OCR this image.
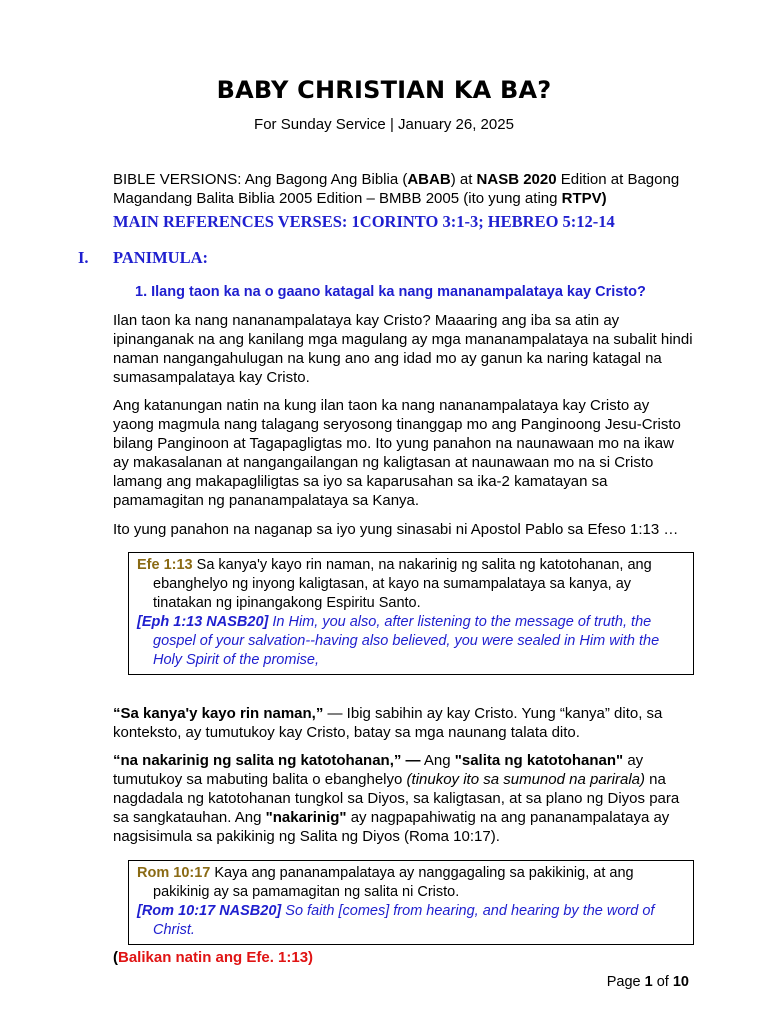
BABY CHRISTIAN KA BA?
For Sunday Service | January 26, 2025
BIBLE VERSIONS: Ang Bagong Ang Biblia (ABAB) at NASB 2020 Edition at Bagong Magandang Balita Biblia 2005 Edition – BMBB 2005 (ito yung ating RTPV)
MAIN REFERENCES VERSES: 1CORINTO 3:1-3; HEBREO 5:12-14
I. PANIMULA:
1. Ilang taon ka na o gaano katagal ka nang mananampalataya kay Cristo?
Ilan taon ka nang nananampalataya kay Cristo? Maaaring ang iba sa atin ay ipinanganak na ang kanilang mga magulang ay mga mananampalataya na subalit hindi naman nangangahulugan na kung ano ang idad mo ay ganun ka naring katagal na sumasampalataya kay Cristo.
Ang katanungan natin na kung ilan taon ka nang nananampalataya kay Cristo ay yaong magmula nang talagang seryosong tinanggap mo ang Panginoong Jesu-Cristo bilang Panginoon at Tagapagligtas mo. Ito yung panahon na naunawaan mo na ikaw ay makasalanan at nangangailangan ng kaligtasan at naunawaan mo na si Cristo lamang ang makapagliligtas sa iyo sa kaparusahan sa ika-2 kamatayan sa pamamagitan ng pananampalataya sa Kanya.
Ito yung panahon na naganap sa iyo yung sinasabi ni Apostol Pablo sa Efeso 1:13 …
Efe 1:13 Sa kanya'y kayo rin naman, na nakarinig ng salita ng katotohanan, ang ebanghelyo ng inyong kaligtasan, at kayo na sumampalataya sa kanya, ay tinatakan ng ipinangakong Espiritu Santo.
[Eph 1:13 NASB20] In Him, you also, after listening to the message of truth, the gospel of your salvation--having also believed, you were sealed in Him with the Holy Spirit of the promise,
“Sa kanya'y kayo rin naman,” — Ibig sabihin ay kay Cristo. Yung “kanya” dito, sa konteksto, ay tumutukoy kay Cristo, batay sa mga naunang talata dito.
“na nakarinig ng salita ng katotohanan,” — Ang "salita ng katotohanan" ay tumutukoy sa mabuting balita o ebanghelyo (tinukoy ito sa sumunod na parirala) na nagdadala ng katotohanan tungkol sa Diyos, sa kaligtasan, at sa plano ng Diyos para sa sangkatauhan. Ang "nakarinig" ay nagpapahiwatig na ang pananampalataya ay nagsisimula sa pakikinig ng Salita ng Diyos (Roma 10:17).
Rom 10:17 Kaya ang pananampalataya ay nanggagaling sa pakikinig, at ang pakikinig ay sa pamamagitan ng salita ni Cristo.
[Rom 10:17 NASB20] So faith [comes] from hearing, and hearing by the word of Christ.
(Balikan natin ang Efe. 1:13)
Page 1 of 10
